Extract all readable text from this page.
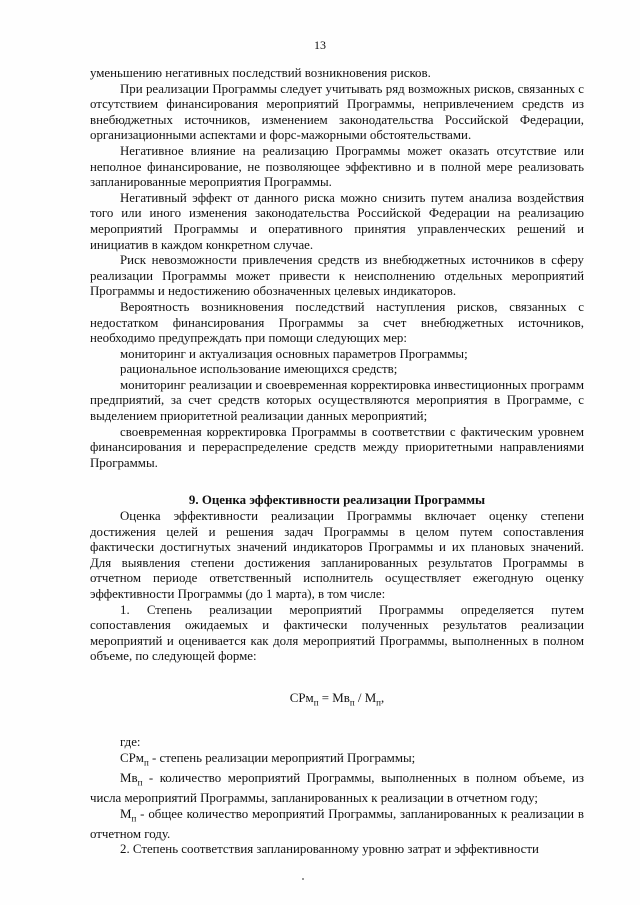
13

уменьшению негативных последствий возникновения рисков.

При реализации Программы следует учитывать ряд возможных рисков, связанных с отсутствием финансирования мероприятий Программы, непривлечением средств из внебюджетных источников, изменением законодательства Российской Федерации, организационными аспектами и форс-мажорными обстоятельствами.

Негативное влияние на реализацию Программы может оказать отсутствие или неполное финансирование, не позволяющее эффективно и в полной мере реализовать запланированные мероприятия Программы.

Негативный эффект от данного риска можно снизить путем анализа воздействия того или иного изменения законодательства Российской Федерации на реализацию мероприятий Программы и оперативного принятия управленческих решений и инициатив в каждом конкретном случае.

Риск невозможности привлечения средств из внебюджетных источников в сферу реализации Программы может привести к неисполнению отдельных мероприятий Программы и недостижению обозначенных целевых индикаторов.

Вероятность возникновения последствий наступления рисков, связанных с недостатком финансирования Программы за счет внебюджетных источников, необходимо предупреждать при помощи следующих мер:

мониторинг и актуализация основных параметров Программы;

рациональное использование имеющихся средств;

мониторинг реализации и своевременная корректировка инвестиционных программ предприятий, за счет средств которых осуществляются мероприятия в Программе, с выделением приоритетной реализации данных мероприятий;

своевременная корректировка Программы в соответствии с фактическим уровнем финансирования и перераспределение средств между приоритетными направлениями Программы.

9. Оценка эффективности реализации Программы

Оценка эффективности реализации Программы включает оценку степени достижения целей и решения задач Программы в целом путем сопоставления фактически достигнутых значений индикаторов Программы и их плановых значений. Для выявления степени достижения запланированных результатов Программы в отчетном периоде ответственный исполнитель осуществляет ежегодную оценку эффективности Программы (до 1 марта), в том числе:

1. Степень реализации мероприятий Программы определяется путем сопоставления ожидаемых и фактически полученных результатов реализации мероприятий и оценивается как доля мероприятий Программы, выполненных в полном объеме, по следующей форме:

$СРм_п = Мв_п / М_п$,

где:

СРм$_п$ - степень реализации мероприятий Программы;

$Мв_п$ - количество мероприятий Программы, выполненных в полном объеме, из числа мероприятий Программы, запланированных к реализации в отчетном году;

$М_п$ - общее количество мероприятий Программы, запланированных к реализации в отчетном году.

2. Степень соответствия запланированному уровню затрат и эффективности
